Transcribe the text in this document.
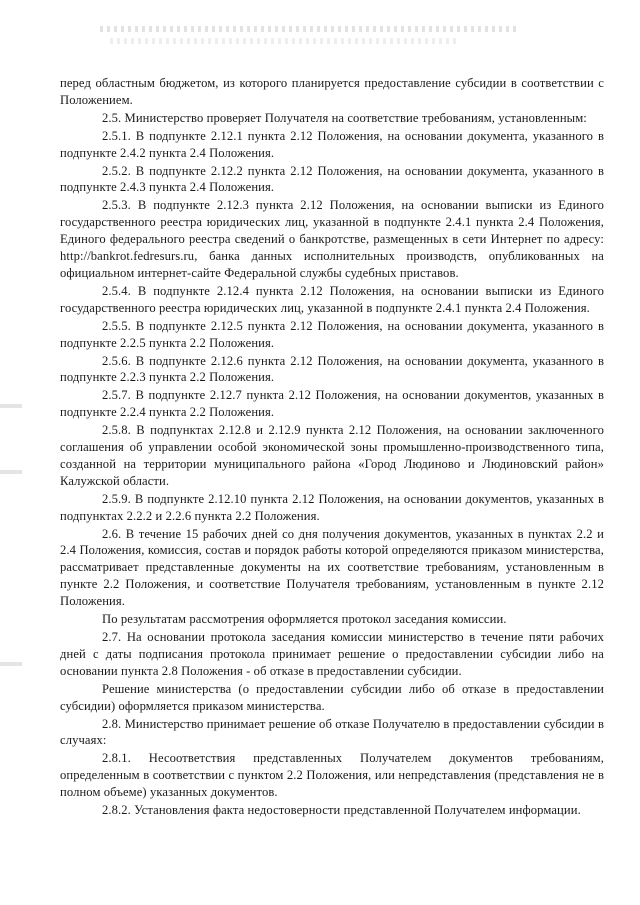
перед областным бюджетом, из которого планируется предоставление субсидии в соответствии с Положением.

2.5. Министерство проверяет Получателя на соответствие требованиям, установленным:

2.5.1. В подпункте 2.12.1 пункта 2.12 Положения, на основании документа, указанного в подпункте 2.4.2 пункта 2.4 Положения.

2.5.2. В подпункте 2.12.2 пункта 2.12 Положения, на основании документа, указанного в подпункте 2.4.3 пункта 2.4 Положения.

2.5.3. В подпункте 2.12.3 пункта 2.12 Положения, на основании выписки из Единого государственного реестра юридических лиц, указанной в подпункте 2.4.1 пункта 2.4 Положения, Единого федерального реестра сведений о банкротстве, размещенных в сети Интернет по адресу: http://bankrot.fedresurs.ru, банка данных исполнительных производств, опубликованных на официальном интернет-сайте Федеральной службы судебных приставов.

2.5.4. В подпункте 2.12.4 пункта 2.12 Положения, на основании выписки из Единого государственного реестра юридических лиц, указанной в подпункте 2.4.1 пункта 2.4 Положения.

2.5.5. В подпункте 2.12.5 пункта 2.12 Положения, на основании документа, указанного в подпункте 2.2.5 пункта 2.2 Положения.

2.5.6. В подпункте 2.12.6 пункта 2.12 Положения, на основании документа, указанного в подпункте 2.2.3 пункта 2.2 Положения.

2.5.7. В подпункте 2.12.7 пункта 2.12 Положения, на основании документов, указанных в подпункте 2.2.4 пункта 2.2 Положения.

2.5.8. В подпунктах 2.12.8 и 2.12.9 пункта 2.12 Положения, на основании заключенного соглашения об управлении особой экономической зоны промышленно-производственного типа, созданной на территории муниципального района «Город Людиново и Людиновский район» Калужской области.

2.5.9. В подпункте 2.12.10 пункта 2.12 Положения, на основании документов, указанных в подпунктах 2.2.2 и 2.2.6 пункта 2.2 Положения.

2.6. В течение 15 рабочих дней со дня получения документов, указанных в пунктах 2.2 и 2.4 Положения, комиссия, состав и порядок работы которой определяются приказом министерства, рассматривает представленные документы на их соответствие требованиям, установленным в пункте 2.2 Положения, и соответствие Получателя требованиям, установленным в пункте 2.12 Положения.

По результатам рассмотрения оформляется протокол заседания комиссии.

2.7. На основании протокола заседания комиссии министерство в течение пяти рабочих дней с даты подписания протокола принимает решение о предоставлении субсидии либо на основании пункта 2.8 Положения - об отказе в предоставлении субсидии.

Решение министерства (о предоставлении субсидии либо об отказе в предоставлении субсидии) оформляется приказом министерства.

2.8. Министерство принимает решение об отказе Получателю в предоставлении субсидии в случаях:

2.8.1. Несоответствия представленных Получателем документов требованиям, определенным в соответствии с пунктом 2.2 Положения, или непредставления (представления не в полном объеме) указанных документов.

2.8.2. Установления факта недостоверности представленной Получателем информации.
